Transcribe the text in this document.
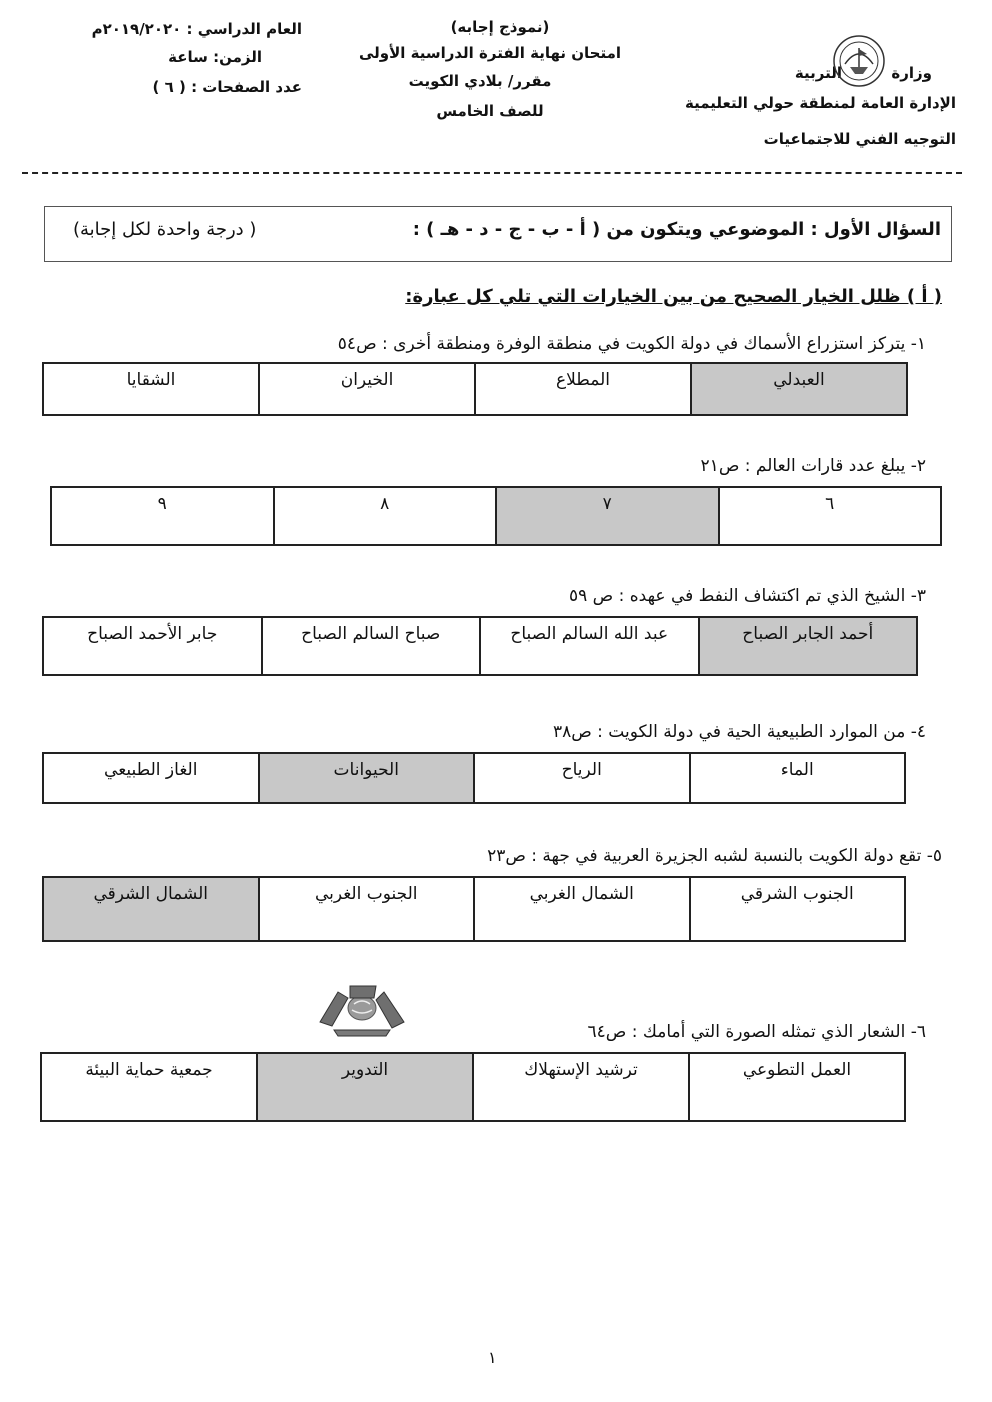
وزارة
التربية
الإدارة العامة لمنطقة حولي التعليمية
التوجيه الفني للاجتماعيات
(نموذج إجابه)
امتحان نهاية الفترة الدراسية الأولى
مقرر/ بلادي الكويت
للصف الخامس
العام الدراسي : ٢٠١٩/٢٠٢٠م
الزمن: ساعة
عدد الصفحات : ( ٦ )
السؤال الأول : الموضوعي ويتكون من ( أ - ب - ج - د - هـ ) :
( درجة واحدة لكل إجابة)
( أ ) ظلل الخيار الصحيح من بين الخيارات التي تلي كل عبارة:
١- يتركز استزراع الأسماك في دولة الكويت في منطقة الوفرة ومنطقة أخرى : ص٥٤
العبدلي	المطلاع	الخيران	الشقايا
٢- يبلغ عدد قارات العالم : ص٢١
٦	٧	٨	٩
٣- الشيخ الذي تم اكتشاف النفط في عهده : ص ٥٩
أحمد الجابر الصباح	عبد الله السالم الصباح	صباح السالم الصباح	جابر الأحمد الصباح
٤- من الموارد الطبيعية الحية في دولة الكويت : ص٣٨
الماء	الرياح	الحيوانات	الغاز الطبيعي
٥- تقع دولة الكويت بالنسبة لشبه الجزيرة العربية في جهة : ص٢٣
الجنوب الشرقي	الشمال الغربي	الجنوب الغربي	الشمال الشرقي
٦- الشعار الذي تمثله الصورة التي أمامك : ص٦٤
العمل التطوعي	ترشيد الإستهلاك	التدوير	جمعية حماية البيئة
١
